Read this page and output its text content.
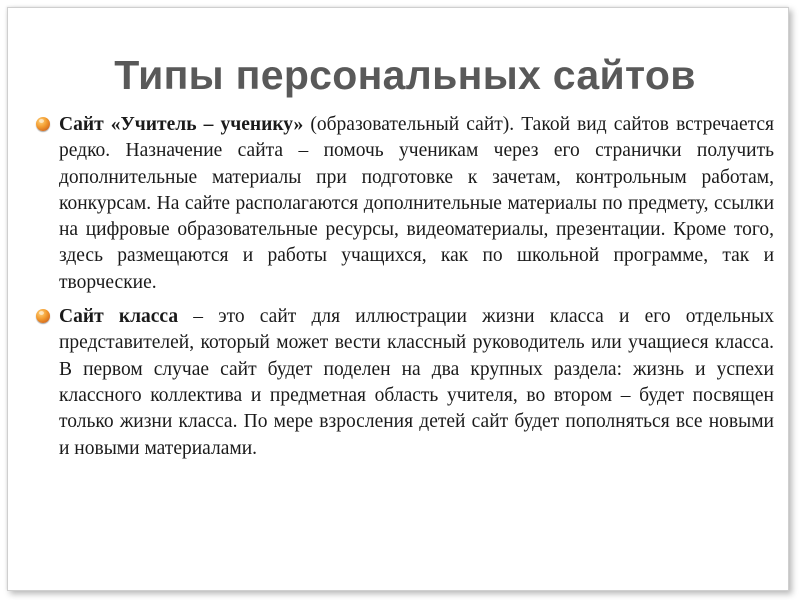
Типы персональных сайтов

Сайт «Учитель – ученику» (образовательный сайт). Такой вид сайтов встречается редко. Назначение сайта – помочь ученикам через его странички получить дополнительные материалы при подготовке к зачетам, контрольным работам, конкурсам. На сайте располагаются дополнительные материалы по предмету, ссылки на цифровые образовательные ресурсы, видеоматериалы, презентации. Кроме того, здесь размещаются и работы учащихся, как по школьной программе, так и творческие.

Сайт класса – это сайт для иллюстрации жизни класса и его отдельных представителей, который может вести классный руководитель или учащиеся класса. В первом случае сайт будет поделен на два крупных раздела: жизнь и успехи классного коллектива и предметная область учителя, во втором – будет посвящен только жизни класса. По мере взросления детей сайт будет пополняться все новыми и новыми материалами.
